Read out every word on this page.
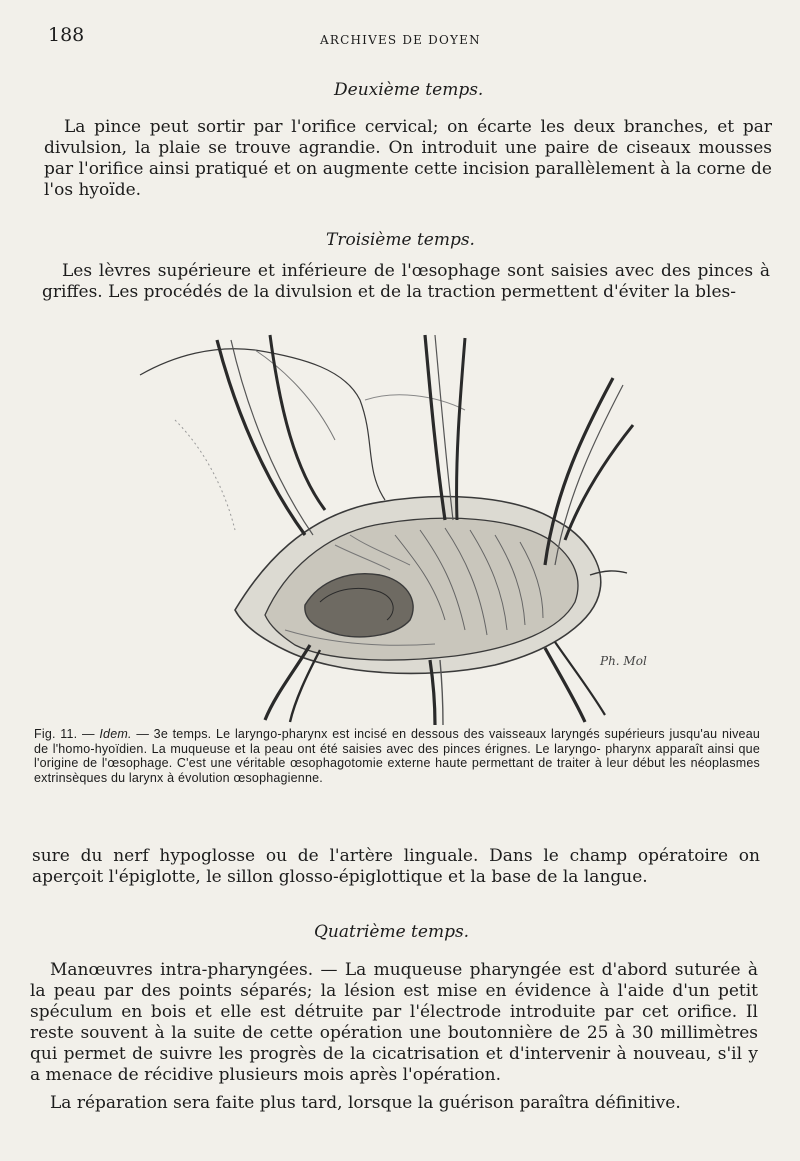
188	ARCHIVES DE DOYEN
Deuxième temps.

La pince peut sortir par l'orifice cervical; on écarte les deux branches, et par divulsion, la plaie se trouve agrandie. On introduit une paire de ciseaux mousses par l'orifice ainsi pratiqué et on augmente cette incision parallèlement à la corne de l'os hyoïde.

Troisième temps.

Les lèvres supérieure et inférieure de l'œsophage sont saisies avec des pinces à griffes. Les procédés de la divulsion et de la traction permettent d'éviter la bles-

Ph. Mol

Fig. 11. — Idem. — 3e temps. Le laryngo-pharynx est incisé en dessous des vaisseaux laryngés supérieurs jusqu'au niveau de l'homo-hyoïdien. La muqueuse et la peau ont été saisies avec des pinces érignes. Le laryngo- pharynx apparaît ainsi que l'origine de l'œsophage. C'est une véritable œsophagotomie externe haute permettant de traiter à leur début les néoplasmes extrinsèques du larynx à évolution œsophagienne.

sure du nerf hypoglosse ou de l'artère linguale. Dans le champ opératoire on aperçoit l'épiglotte, le sillon glosso-épiglottique et la base de la langue.

Quatrième temps.

Manœuvres intra-pharyngées. — La muqueuse pharyngée est d'abord suturée à la peau par des points séparés; la lésion est mise en évidence à l'aide d'un petit spéculum en bois et elle est détruite par l'électrode introduite par cet orifice. Il reste souvent à la suite de cette opération une boutonnière de 25 à 30 millimètres qui permet de suivre les progrès de la cicatrisation et d'intervenir à nouveau, s'il y a menace de récidive plusieurs mois après l'opération.

La réparation sera faite plus tard, lorsque la guérison paraîtra définitive.
